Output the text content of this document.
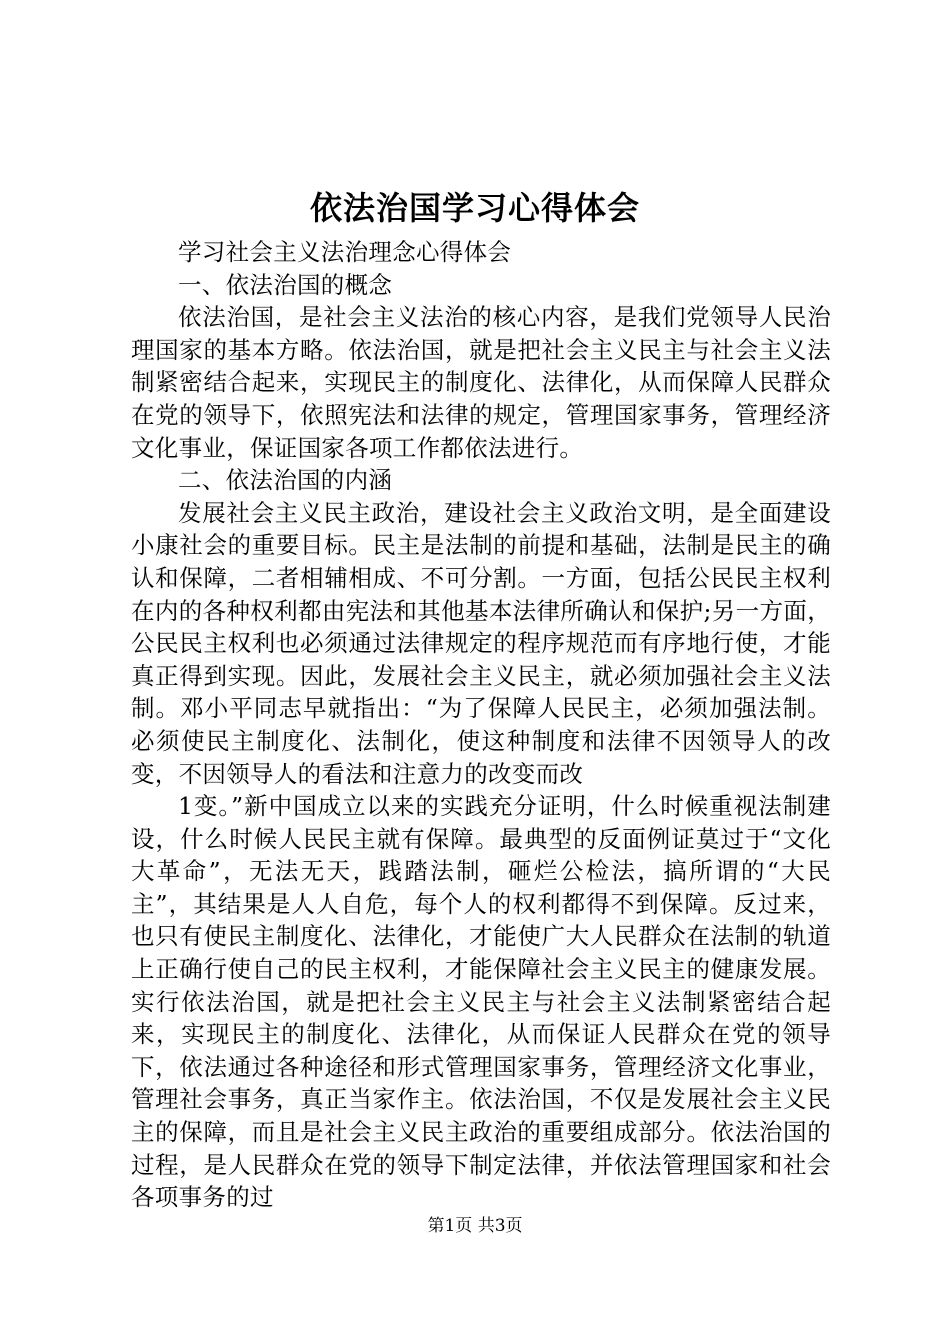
依法治国学习心得体会

学习社会主义法治理念心得体会

一、依法治国的概念

依法治国，是社会主义法治的核心内容，是我们党领导人民治理国家的基本方略。依法治国，就是把社会主义民主与社会主义法制紧密结合起来，实现民主的制度化、法律化，从而保障人民群众在党的领导下，依照宪法和法律的规定，管理国家事务，管理经济文化事业，保证国家各项工作都依法进行。

二、依法治国的内涵

发展社会主义民主政治，建设社会主义政治文明，是全面建设小康社会的重要目标。民主是法制的前提和基础，法制是民主的确认和保障，二者相辅相成、不可分割。一方面，包括公民民主权利在内的各种权利都由宪法和其他基本法律所确认和保护;另一方面，公民民主权利也必须通过法律规定的程序规范而有序地行使，才能真正得到实现。因此，发展社会主义民主，就必须加强社会主义法制。邓小平同志早就指出：“为了保障人民民主，必须加强法制。必须使民主制度化、法制化，使这种制度和法律不因领导人的改变，不因领导人的看法和注意力的改变而改

1变。”新中国成立以来的实践充分证明，什么时候重视法制建设，什么时候人民民主就有保障。最典型的反面例证莫过于“文化大革命”，无法无天，践踏法制，砸烂公检法，搞所谓的“大民主”，其结果是人人自危，每个人的权利都得不到保障。反过来，也只有使民主制度化、法律化，才能使广大人民群众在法制的轨道上正确行使自己的民主权利，才能保障社会主义民主的健康发展。实行依法治国，就是把社会主义民主与社会主义法制紧密结合起来，实现民主的制度化、法律化，从而保证人民群众在党的领导下，依法通过各种途径和形式管理国家事务，管理经济文化事业，管理社会事务，真正当家作主。依法治国，不仅是发展社会主义民主的保障，而且是社会主义民主政治的重要组成部分。依法治国的过程，是人民群众在党的领导下制定法律，并依法管理国家和社会各项事务的过

第1页 共3页
